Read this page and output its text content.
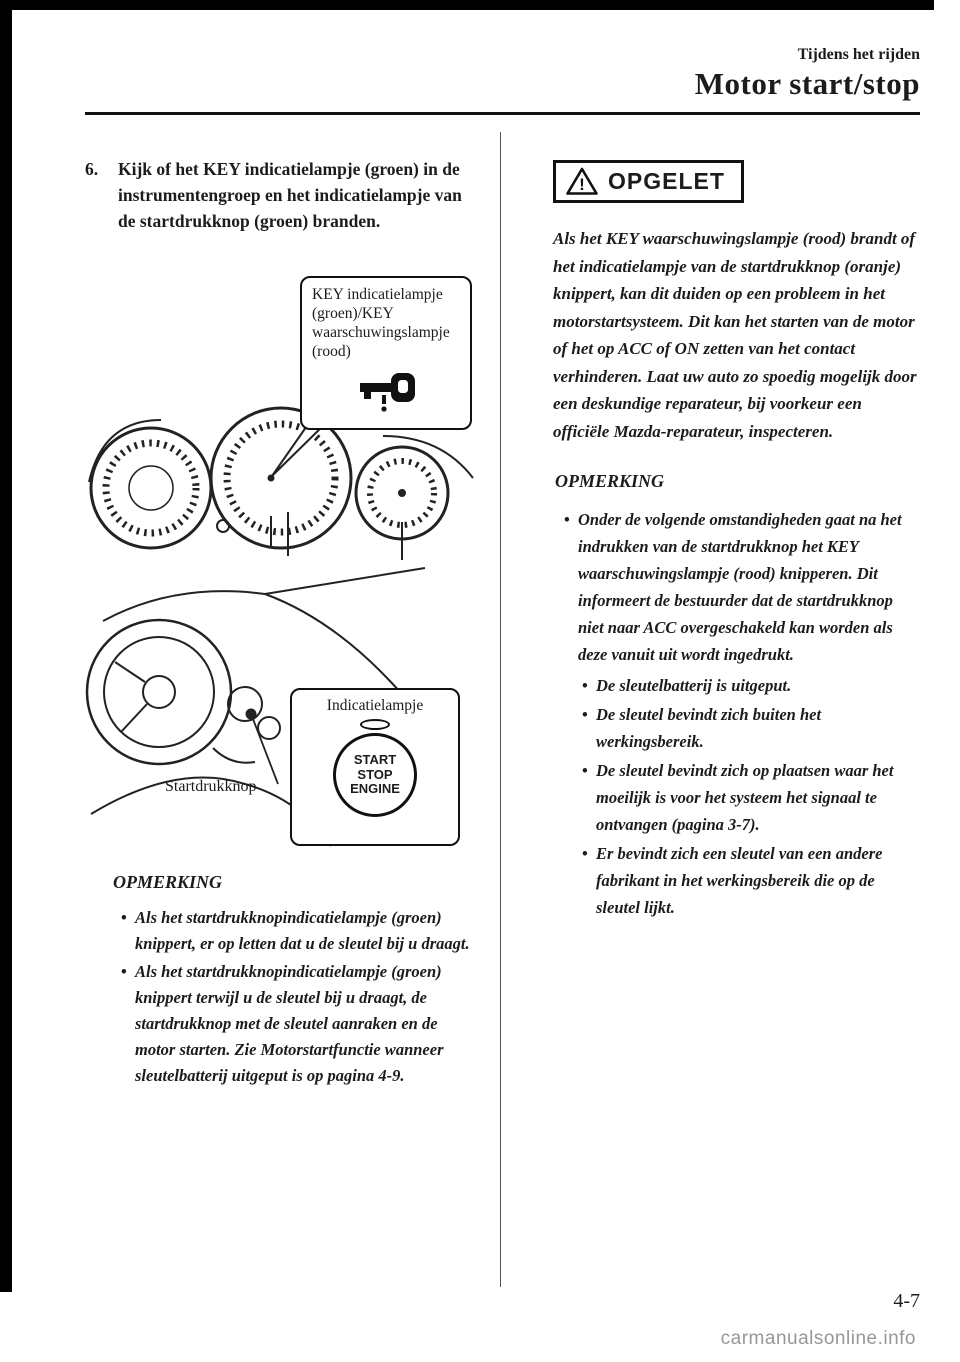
Tijdens het rijden
Motor start/stop
6.	Kijk of het KEY indicatielampje (groen) in de instrumentengroep en het indicatielampje van de startdrukknop (groen) branden.
KEY indicatielampje
(groen)/KEY
waarschuwingslampje
(rood)
Indicatielampje
START
STOP
ENGINE
Startdrukknop
OPMERKING
• Als het startdrukknopindicatielampje (groen) knippert, er op letten dat u de sleutel bij u draagt.
• Als het startdrukknopindicatielampje (groen) knippert terwijl u de sleutel bij u draagt, de startdrukknop met de sleutel aanraken en de motor starten. Zie Motorstartfunctie wanneer sleutelbatterij uitgeput is op pagina 4-9.
! OPGELET
Als het KEY waarschuwingslampje (rood) brandt of het indicatielampje van de startdrukknop (oranje) knippert, kan dit duiden op een probleem in het motorstartsysteem. Dit kan het starten van de motor of het op ACC of ON zetten van het contact verhinderen. Laat uw auto zo spoedig mogelijk door een deskundige reparateur, bij voorkeur een officiële Mazda-reparateur, inspecteren.
OPMERKING
• Onder de volgende omstandigheden gaat na het indrukken van de startdrukknop het KEY waarschuwingslampje (rood) knipperen. Dit informeert de bestuurder dat de startdrukknop niet naar ACC overgeschakeld kan worden als deze vanuit uit wordt ingedrukt.
• De sleutelbatterij is uitgeput.
• De sleutel bevindt zich buiten het werkingsbereik.
• De sleutel bevindt zich op plaatsen waar het moeilijk is voor het systeem het signaal te ontvangen (pagina 3-7).
• Er bevindt zich een sleutel van een andere fabrikant in het werkingsbereik die op de sleutel lijkt.
4-7
carmanualsonline.info
